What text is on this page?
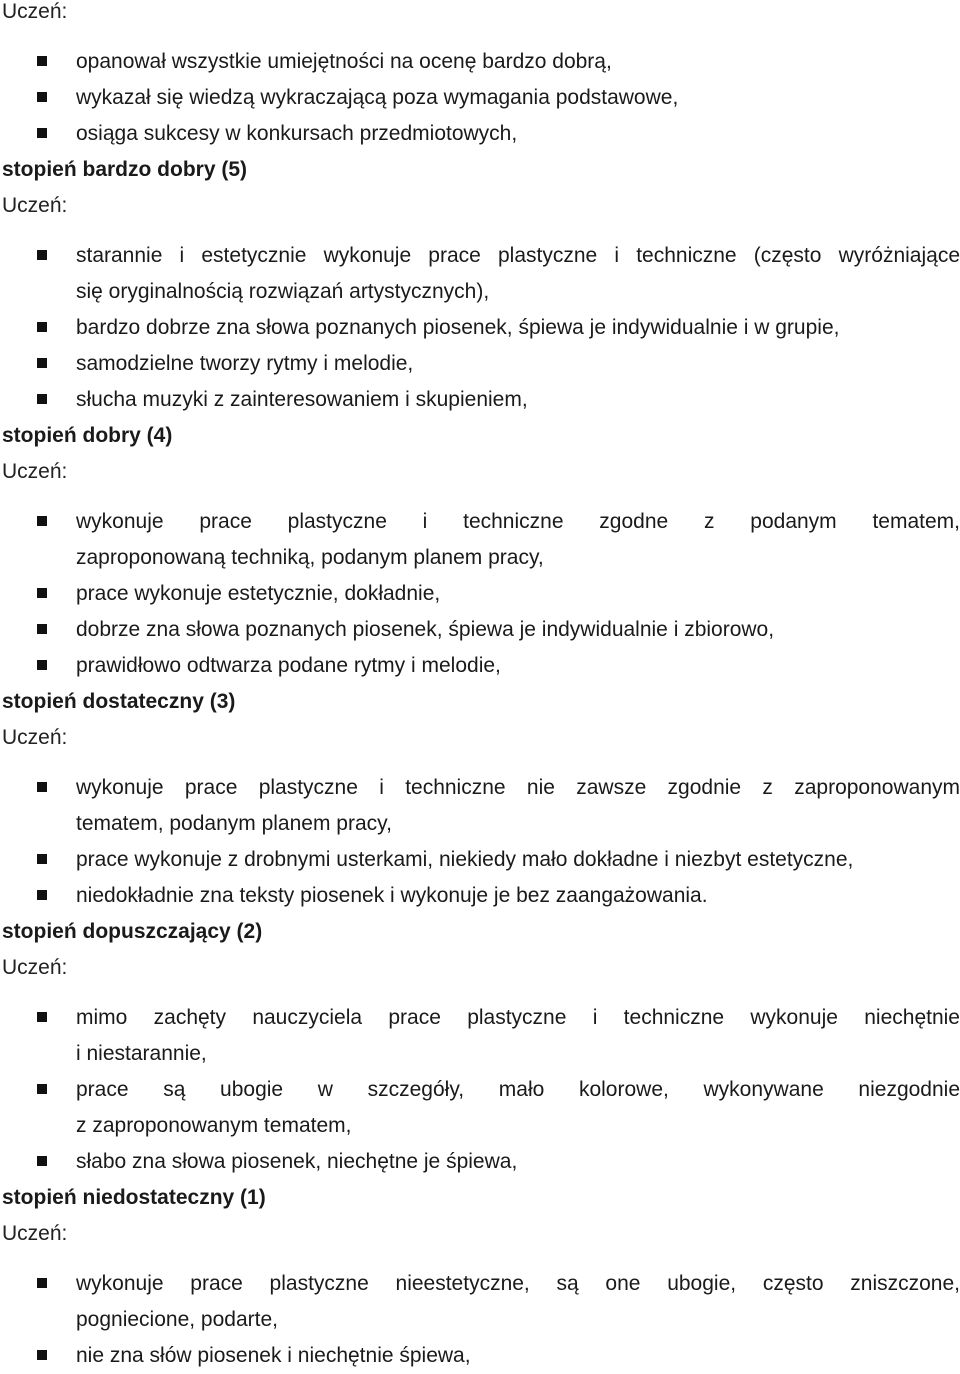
Uczeń:
opanował wszystkie umiejętności na ocenę bardzo dobrą,
wykazał się wiedzą wykraczającą poza wymagania podstawowe,
osiąga sukcesy w konkursach przedmiotowych,
stopień bardzo dobry (5)
Uczeń:
starannie i estetycznie wykonuje prace plastyczne i techniczne (często wyróżniające
się oryginalnością rozwiązań artystycznych),
bardzo dobrze zna słowa poznanych piosenek, śpiewa je indywidualnie i w grupie,
samodzielne tworzy rytmy i melodie,
słucha muzyki z zainteresowaniem i skupieniem,
stopień dobry (4)
Uczeń:
wykonuje prace plastyczne i techniczne zgodne z podanym tematem,
zaproponowaną techniką, podanym planem pracy,
prace wykonuje estetycznie, dokładnie,
dobrze zna słowa poznanych piosenek, śpiewa je indywidualnie i zbiorowo,
prawidłowo odtwarza podane rytmy i melodie,
stopień dostateczny (3)
Uczeń:
wykonuje prace plastyczne i techniczne nie zawsze zgodnie z zaproponowanym
tematem, podanym planem pracy,
prace wykonuje z drobnymi usterkami, niekiedy mało dokładne i niezbyt estetyczne,
niedokładnie zna teksty piosenek i wykonuje je bez zaangażowania.
stopień dopuszczający (2)
Uczeń:
mimo zachęty nauczyciela prace plastyczne i techniczne wykonuje niechętnie
i niestarannie,
prace są ubogie w szczegóły, mało kolorowe, wykonywane niezgodnie
z zaproponowanym tematem,
słabo zna słowa piosenek, niechętne je śpiewa,
stopień niedostateczny (1)
Uczeń:
wykonuje prace plastyczne nieestetyczne, są one ubogie, często zniszczone,
pogniecione, podarte,
nie zna słów piosenek i niechętnie śpiewa,
